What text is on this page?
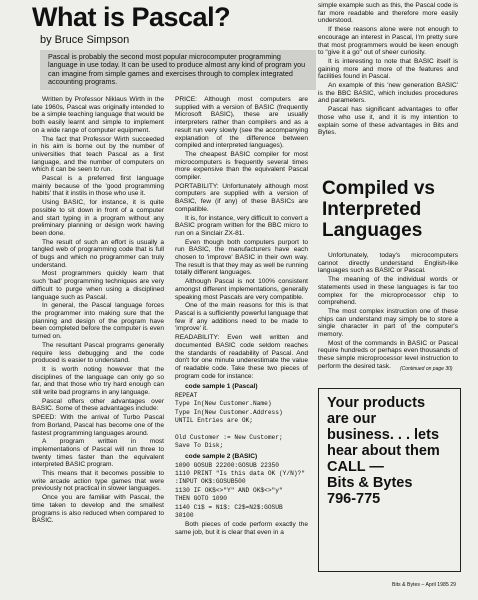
What is Pascal?
by Bruce Simpson
Pascal is probably the second most popular microcomputer programming language in use today. It can be used to produce almost any kind of program you can imagine from simple games and exercises through to complex integrated accounting programs.

Written by Professor Niklaus Wirth in the late 1960s, Pascal was originally intended to be a simple teaching language that would be both easily learnt and simple to implement on a wide range of computer equipment.

The fact that Professor Wirth succeeded in his aim is borne out by the number of universities that teach Pascal as a first language, and the number of computers on which it can be seen to run.

Pascal is a preferred first language mainly because of the 'good programming habits' that it instils in those who use it.

Using BASIC, for instance, it is quite possible to sit down in front of a computer and start typing in a program without any preliminary planning or design work having been done.

The result of such an effort is usually a tangled web of programming code that is full of bugs and which no programmer can truly understand.

Most programmers quickly learn that such 'bad' programming techniques are very difficult to purge when using a disciplined language such as Pascal.

In general, the Pascal language forces the programmer into making sure that the planning and design of the program have been completed before the computer is even turned on.

The resultant Pascal programs generally require less debugging and the code produced is easier to understand.

It is worth noting however that the disciplines of the language can only go so far, and that those who try hard enough can still write bad programs in any language.

Pascal offers other advantages over BASIC. Some of these advantages include:

SPEED: With the arrival of Turbo Pascal from Borland, Pascal has become one of the fastest programming languages around.

A program written in most implementations of Pascal will run three to twenty times faster than the equivalent interpreted BASIC program.

This means that it becomes possible to write arcade action type games that were previously not practical in slower languages.

Once you are familiar with Pascal, the time taken to develop and the smallest programs is also reduced when compared to BASIC.

PRICE: Although most computers are supplied with a version of BASIC (frequently Microsoft BASIC), these are usually interpreters rather than compilers and as a result run very slowly (see the accompanying explanation of the difference between compiled and interpreted languages).

The cheapest BASIC compiler for most microcomputers is frequently several times more expensive than the equivalent Pascal compiler.

PORTABILITY: Unfortunately although most computers are supplied with a version of BASIC, few (if any) of these BASICs are compatible.

It is, for instance, very difficult to convert a BASIC program written for the BBC micro to run on a Sinclair ZX-81.

Even though both computers purport to run BASIC, the manufacturers have each chosen to 'improve' BASIC in their own way. The result is that they may as well be running totally different languages.

Although Pascal is not 100% consistent amongst different implementations, generally speaking most Pascals are very compatible.

One of the main reasons for this is that Pascal is a sufficiently powerful language that few if any additions need to be made to 'improve' it.

READABILITY: Even well written and documented BASIC code seldom reaches the standards of readability of Pascal. And don't for one minute underestimate the value of readable code. Take these two pieces of program code for instance:

code sample 1 (Pascal)

REPEAT

Type In(New Customer.Name)

Type In(New Customer.Address)

UNTIL Entries are OK;

Old Customer := New Customer;

Save To Disk;

code sample 2 (BASIC)

1090 GOSUB 22200:GOSUB 22350

1110 PRINT "Is this data OK (Y/N)?"

:INPUT OK$:GOSUB500

1130 IF OK$<>"Y" AND OK$<>"y"

THEN GOTO 1090

1140 C1$ = N1$: C2$=N2$:GOSUB

30100

Both pieces of code perform exactly the same job, but it is clear that even in a

simple example such as this, the Pascal code is far more readable and therefore more easily understood.

If these reasons alone were not enough to encourage an interest in Pascal, I'm pretty sure that most programmers would be keen enough to "give it a go" out of sheer curiosity.

It is interesting to note that BASIC itself is gaining more and more of the features and facilities found in Pascal.

An example of this 'new generation BASIC' is the BBC BASIC, which includes procedures and parameters.

Pascal has significant advantages to offer those who use it, and it is my intention to explain some of these advantages in Bits and Bytes.

Compiled vs
Interpreted
Languages

Unfortunately, today's microcomputers cannot directly understand English-like languages such as BASIC or Pascal.

The meaning of the individual words or statements used in these languages is far too complex for the microprocessor chip to comprehend.

The most complex instruction one of these chips can understand may simply be to store a single character in part of the computer's memory.

Most of the commands in BASIC or Pascal require hundreds or perhaps even thousands of these simple microprocessor level instruction to perform the desired task.	(Continued on page 30)
Your products
are our
business. . . lets
hear about them
CALL —
Bits & Bytes
796-775
Bits & Bytes – April 1985 29
